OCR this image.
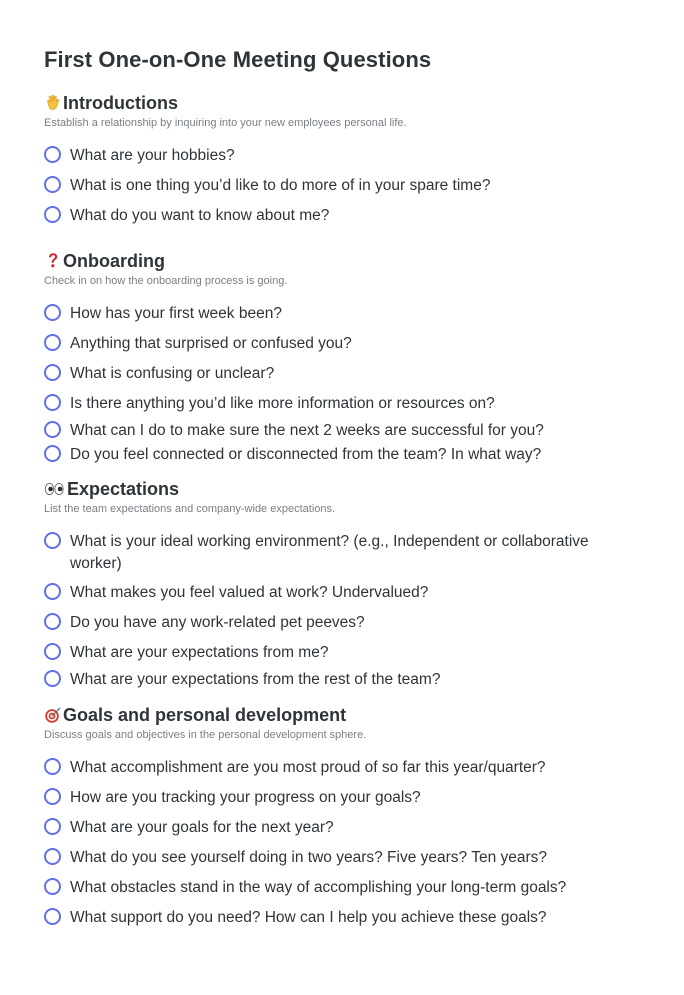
First One-on-One Meeting Questions
Introductions
Establish a relationship by inquiring into your new employees personal life.
What are your hobbies?
What is one thing you’d like to do more of in your spare time?
What do you want to know about me?
Onboarding
Check in on how the onboarding process is going.
How has your first week been?
Anything that surprised or confused you?
What is confusing or unclear?
Is there anything you’d like more information or resources on?
What can I do to make sure the next 2 weeks are successful for you?
Do you feel connected or disconnected from the team? In what way?
Expectations
List the team expectations and company-wide expectations.
What is your ideal working environment? (e.g., Independent or collaborative worker)
What makes you feel valued at work? Undervalued?
Do you have any work-related pet peeves?
What are your expectations from me?
What are your expectations from the rest of the team?
Goals and personal development
Discuss goals and objectives in the personal development sphere.
What accomplishment are you most proud of so far this year/quarter?
How are you tracking your progress on your goals?
What are your goals for the next year?
What do you see yourself doing in two years? Five years? Ten years?
What obstacles stand in the way of accomplishing your long-term goals?
What support do you need? How can I help you achieve these goals?
